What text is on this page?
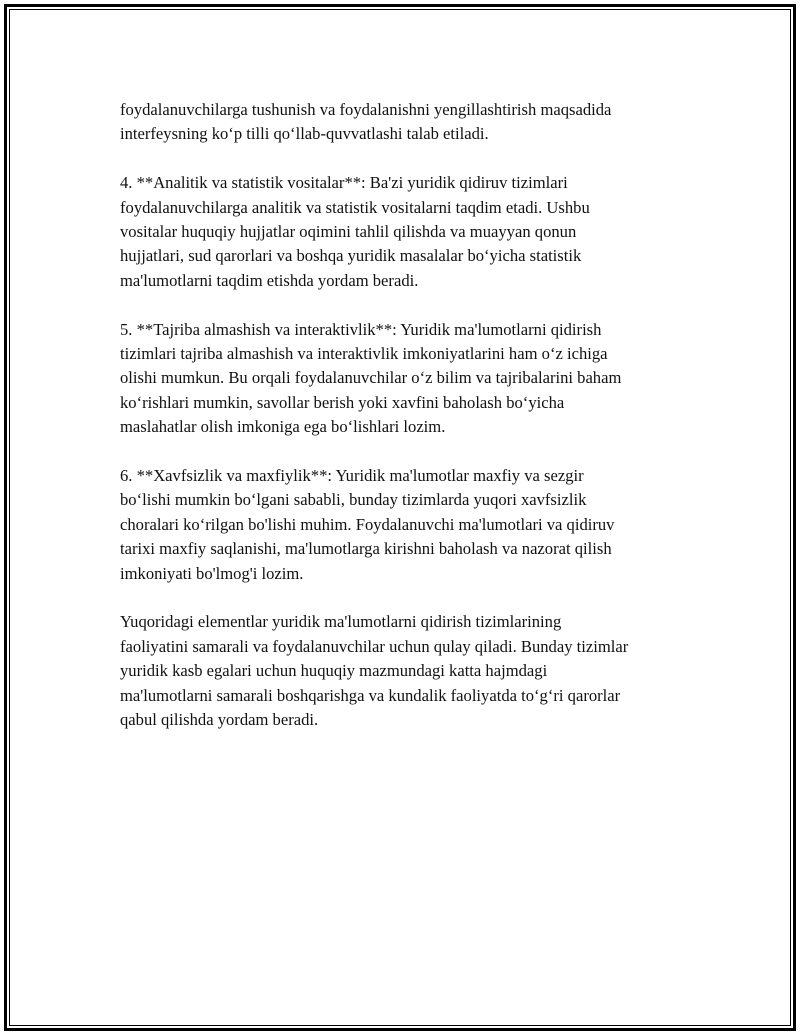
foydalanuvchilarga tushunish va foydalanishni yengillashtirish maqsadida
interfeysning ko‘p tilli qo‘llab-quvvatlashi talab etiladi.

4. **Analitik va statistik vositalar**: Ba'zi yuridik qidiruv tizimlari
foydalanuvchilarga analitik va statistik vositalarni taqdim etadi. Ushbu
vositalar huquqiy hujjatlar oqimini tahlil qilishda va muayyan qonun
hujjatlari, sud qarorlari va boshqa yuridik masalalar bo‘yicha statistik
ma'lumotlarni taqdim etishda yordam beradi.

5. **Tajriba almashish va interaktivlik**: Yuridik ma'lumotlarni qidirish
tizimlari tajriba almashish va interaktivlik imkoniyatlarini ham o‘z ichiga
olishi mumkun. Bu orqali foydalanuvchilar o‘z bilim va tajribalarini baham
ko‘rishlari mumkin, savollar berish yoki xavfini baholash bo‘yicha
maslahatlar olish imkoniga ega bo‘lishlari lozim.

6. **Xavfsizlik va maxfiylik**: Yuridik ma'lumotlar maxfiy va sezgir
bo‘lishi mumkin bo‘lgani sababli, bunday tizimlarda yuqori xavfsizlik
choralari ko‘rilgan bo'lishi muhim. Foydalanuvchi ma'lumotlari va qidiruv
tarixi maxfiy saqlanishi, ma'lumotlarga kirishni baholash va nazorat qilish
imkoniyati bo'lmog'i lozim.

Yuqoridagi elementlar yuridik ma'lumotlarni qidirish tizimlarining
faoliyatini samarali va foydalanuvchilar uchun qulay qiladi. Bunday tizimlar
yuridik kasb egalari uchun huquqiy mazmundagi katta hajmdagi
ma'lumotlarni samarali boshqarishga va kundalik faoliyatda to‘g‘ri qarorlar
qabul qilishda yordam beradi.
